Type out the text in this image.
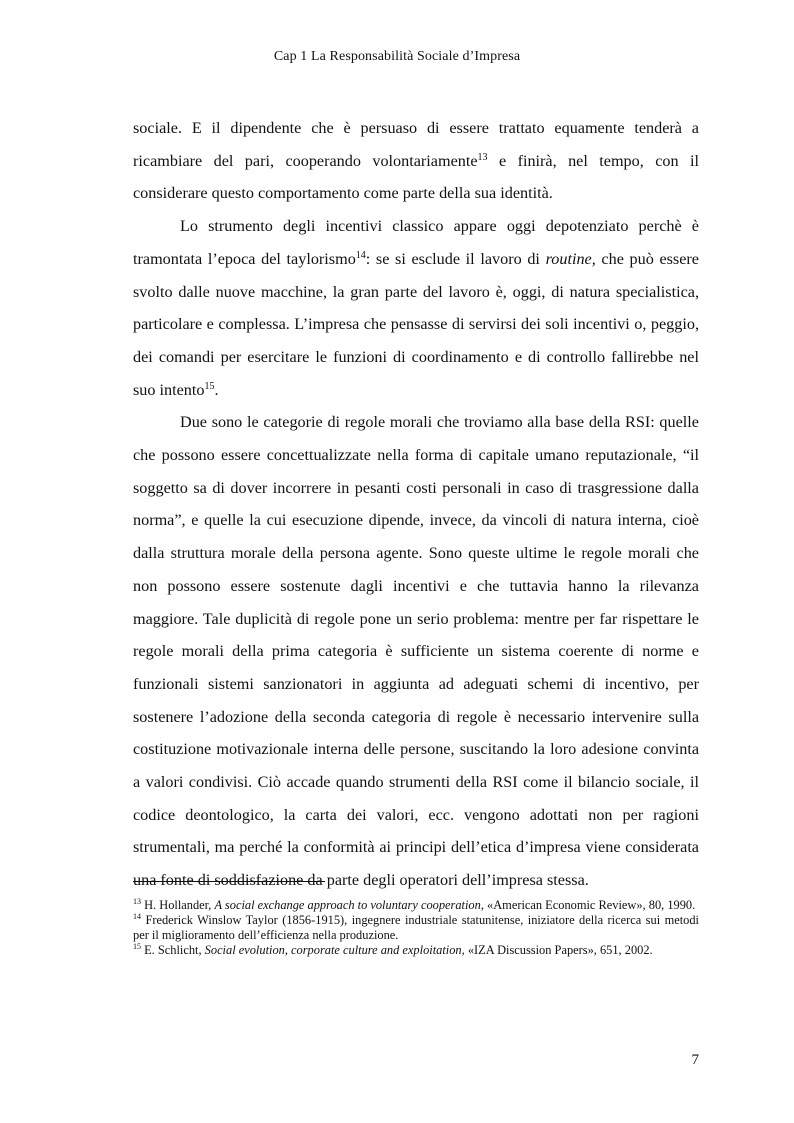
Cap 1 La Responsabilità Sociale d’Impresa

sociale. E il dipendente che è persuaso di essere trattato equamente tenderà a ricambiare del pari, cooperando volontariamente$^{13}$ e finirà, nel tempo, con il considerare questo comportamento come parte della sua identità.

Lo strumento degli incentivi classico appare oggi depotenziato perchè è tramontata l’epoca del taylorismo$^{14}$: se si esclude il lavoro di routine, che può essere svolto dalle nuove macchine, la gran parte del lavoro è, oggi, di natura specialistica, particolare e complessa. L’impresa che pensasse di servirsi dei soli incentivi o, peggio, dei comandi per esercitare le funzioni di coordinamento e di controllo fallirebbe nel suo intento$^{15}$.

Due sono le categorie di regole morali che troviamo alla base della RSI: quelle che possono essere concettualizzate nella forma di capitale umano reputazionale, “il soggetto sa di dover incorrere in pesanti costi personali in caso di trasgressione dalla norma”, e quelle la cui esecuzione dipende, invece, da vincoli di natura interna, cioè dalla struttura morale della persona agente. Sono queste ultime le regole morali che non possono essere sostenute dagli incentivi e che tuttavia hanno la rilevanza maggiore. Tale duplicità di regole pone un serio problema: mentre per far rispettare le regole morali della prima categoria è sufficiente un sistema coerente di norme e funzionali sistemi sanzionatori in aggiunta ad adeguati schemi di incentivo, per sostenere l’adozione della seconda categoria di regole è necessario intervenire sulla costituzione motivazionale interna delle persone, suscitando la loro adesione convinta a valori condivisi. Ciò accade quando strumenti della RSI come il bilancio sociale, il codice deontologico, la carta dei valori, ecc. vengono adottati non per ragioni strumentali, ma perché la conformità ai principi dell’etica d’impresa viene considerata una fonte di soddisfazione da parte degli operatori dell’impresa stessa.

$^{13}$ H. Hollander, A social exchange approach to voluntary cooperation, «American Economic Review», 80, 1990.

$^{14}$ Frederick Winslow Taylor (1856-1915), ingegnere industriale statunitense, iniziatore della ricerca sui metodi per il miglioramento dell’efficienza nella produzione.

$^{15}$ E. Schlicht, Social evolution, corporate culture and exploitation, «IZA Discussion Papers», 651, 2002.

7
